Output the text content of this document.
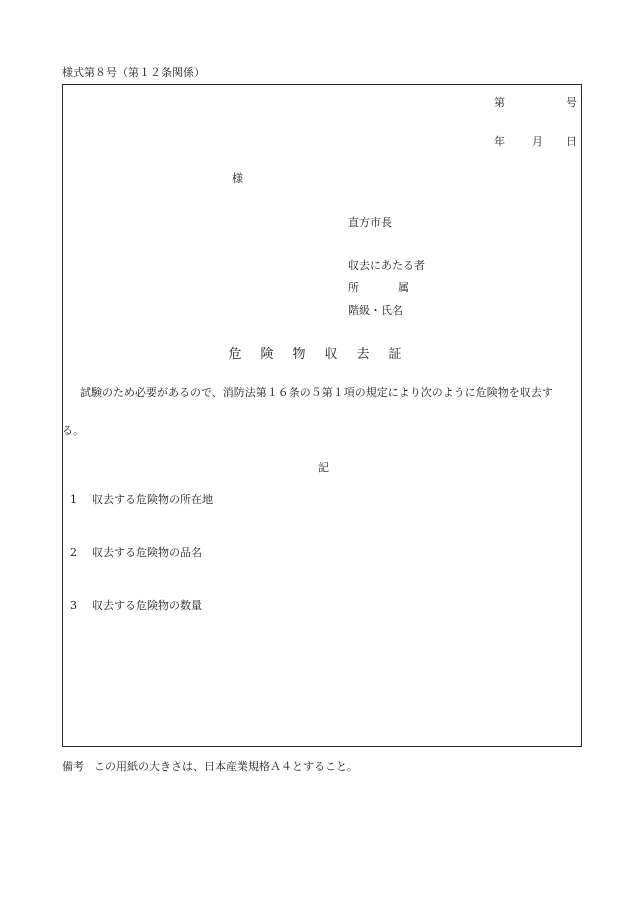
様式第８号（第１２条関係）
第	号
年 月 日
様
直方市長
収去にあたる者
所	属
階級・氏名
危 険 物 収 去 証
試験のため必要があるので、消防法第１６条の５第１項の規定により次のように危険物を収去す
る。
記
1 収去する危険物の所在地
2 収去する危険物の品名
3 収去する危険物の数量
備考 この用紙の大きさは、日本産業規格Ａ４とすること。
